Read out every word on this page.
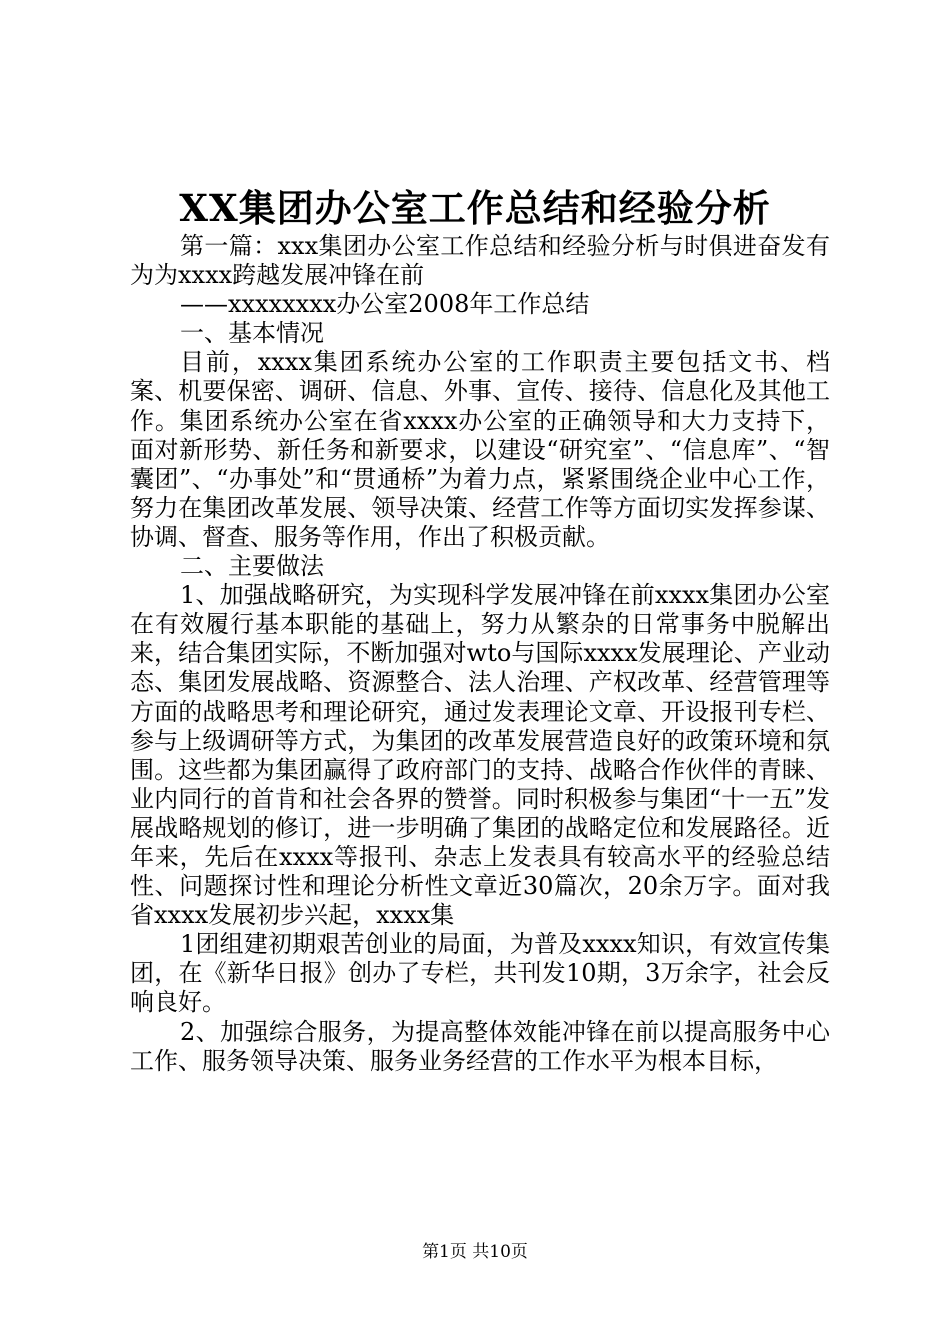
XX集团办公室工作总结和经验分析

第一篇：xxx集团办公室工作总结和经验分析与时俱进奋发有为为xxxx跨越发展冲锋在前

——xxxxxxxx办公室2008年工作总结

一、基本情况

目前，xxxx集团系统办公室的工作职责主要包括文书、档案、机要保密、调研、信息、外事、宣传、接待、信息化及其他工作。集团系统办公室在省xxxx办公室的正确领导和大力支持下，面对新形势、新任务和新要求，以建设“研究室”、“信息库”、“智囊团”、“办事处”和“贯通桥”为着力点，紧紧围绕企业中心工作，努力在集团改革发展、领导决策、经营工作等方面切实发挥参谋、协调、督查、服务等作用，作出了积极贡献。

二、主要做法

1、加强战略研究，为实现科学发展冲锋在前xxxx集团办公室在有效履行基本职能的基础上，努力从繁杂的日常事务中脱解出来，结合集团实际，不断加强对wto与国际xxxx发展理论、产业动态、集团发展战略、资源整合、法人治理、产权改革、经营管理等方面的战略思考和理论研究，通过发表理论文章、开设报刊专栏、参与上级调研等方式，为集团的改革发展营造良好的政策环境和氛围。这些都为集团赢得了政府部门的支持、战略合作伙伴的青睐、业内同行的首肯和社会各界的赞誉。同时积极参与集团“十一五”发展战略规划的修订，进一步明确了集团的战略定位和发展路径。近年来，先后在xxxx等报刊、杂志上发表具有较高水平的经验总结性、问题探讨性和理论分析性文章近30篇次，20余万字。面对我省xxxx发展初步兴起，xxxx集

1团组建初期艰苦创业的局面，为普及xxxx知识，有效宣传集团，在《新华日报》创办了专栏，共刊发10期，3万余字，社会反响良好。

2、加强综合服务，为提高整体效能冲锋在前以提高服务中心工作、服务领导决策、服务业务经营的工作水平为根本目标，

第1页 共10页
